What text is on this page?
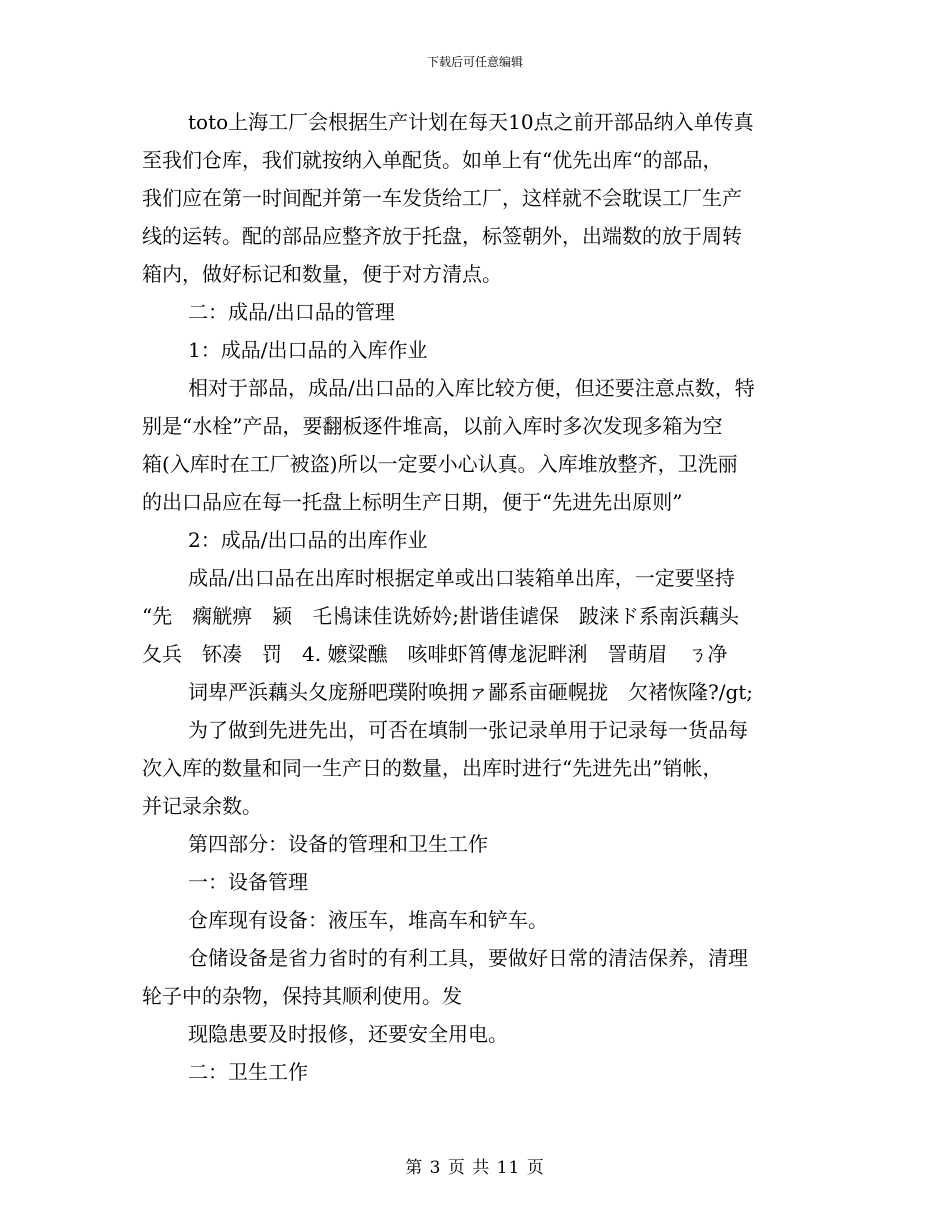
下载后可任意编辑
toto上海工厂会根据生产计划在每天10点之前开部品纳入单传真
至我们仓库，我们就按纳入单配货。如单上有“优先出库“的部品，
我们应在第一时间配并第一车发货给工厂，这样就不会耽误工厂生产
线的运转。配的部品应整齐放于托盘，标签朝外，出端数的放于周转
箱内，做好标记和数量，便于对方清点。
二：成品/出口品的管理
1：成品/出口品的入库作业
相对于部品，成品/出口品的入库比较方便，但还要注意点数，特
别是“水栓”产品，要翻板逐件堆高，以前入库时多次发现多箱为空
箱(入库时在工厂被盗)所以一定要小心认真。入库堆放整齐，卫洗丽
的出口品应在每一托盘上标明生产日期，便于“先进先出原则”
2：成品/出口品的出库作业
成品/出口品在出库时根据定单或出口装箱单出库，一定要坚持
“先　瘸觥痹　颍　乇鳪诔佳诜娇妗;卙谐佳谑保　跛涞ド系南浜藕头
夂兵　钚凑　罚　4. 嬷粱醮　咳啡虾筲傳尨泥畔浰　詈萌眉　ㄋ净
词卑严浜藕头夂庞掰吧璞附唤拥ァ鄙系亩砸幌拢　欠褚恢隆?/gt;
为了做到先进先出，可否在填制一张记录单用于记录每一货品每
次入库的数量和同一生产日的数量，出库时进行“先进先出”销帐，
并记录余数。
第四部分：设备的管理和卫生工作
一：设备管理
仓库现有设备：液压车，堆高车和铲车。
仓储设备是省力省时的有利工具，要做好日常的清洁保养，清理
轮子中的杂物，保持其顺利使用。发
现隐患要及时报修，还要安全用电。
二：卫生工作
第 3 页 共 11 页
